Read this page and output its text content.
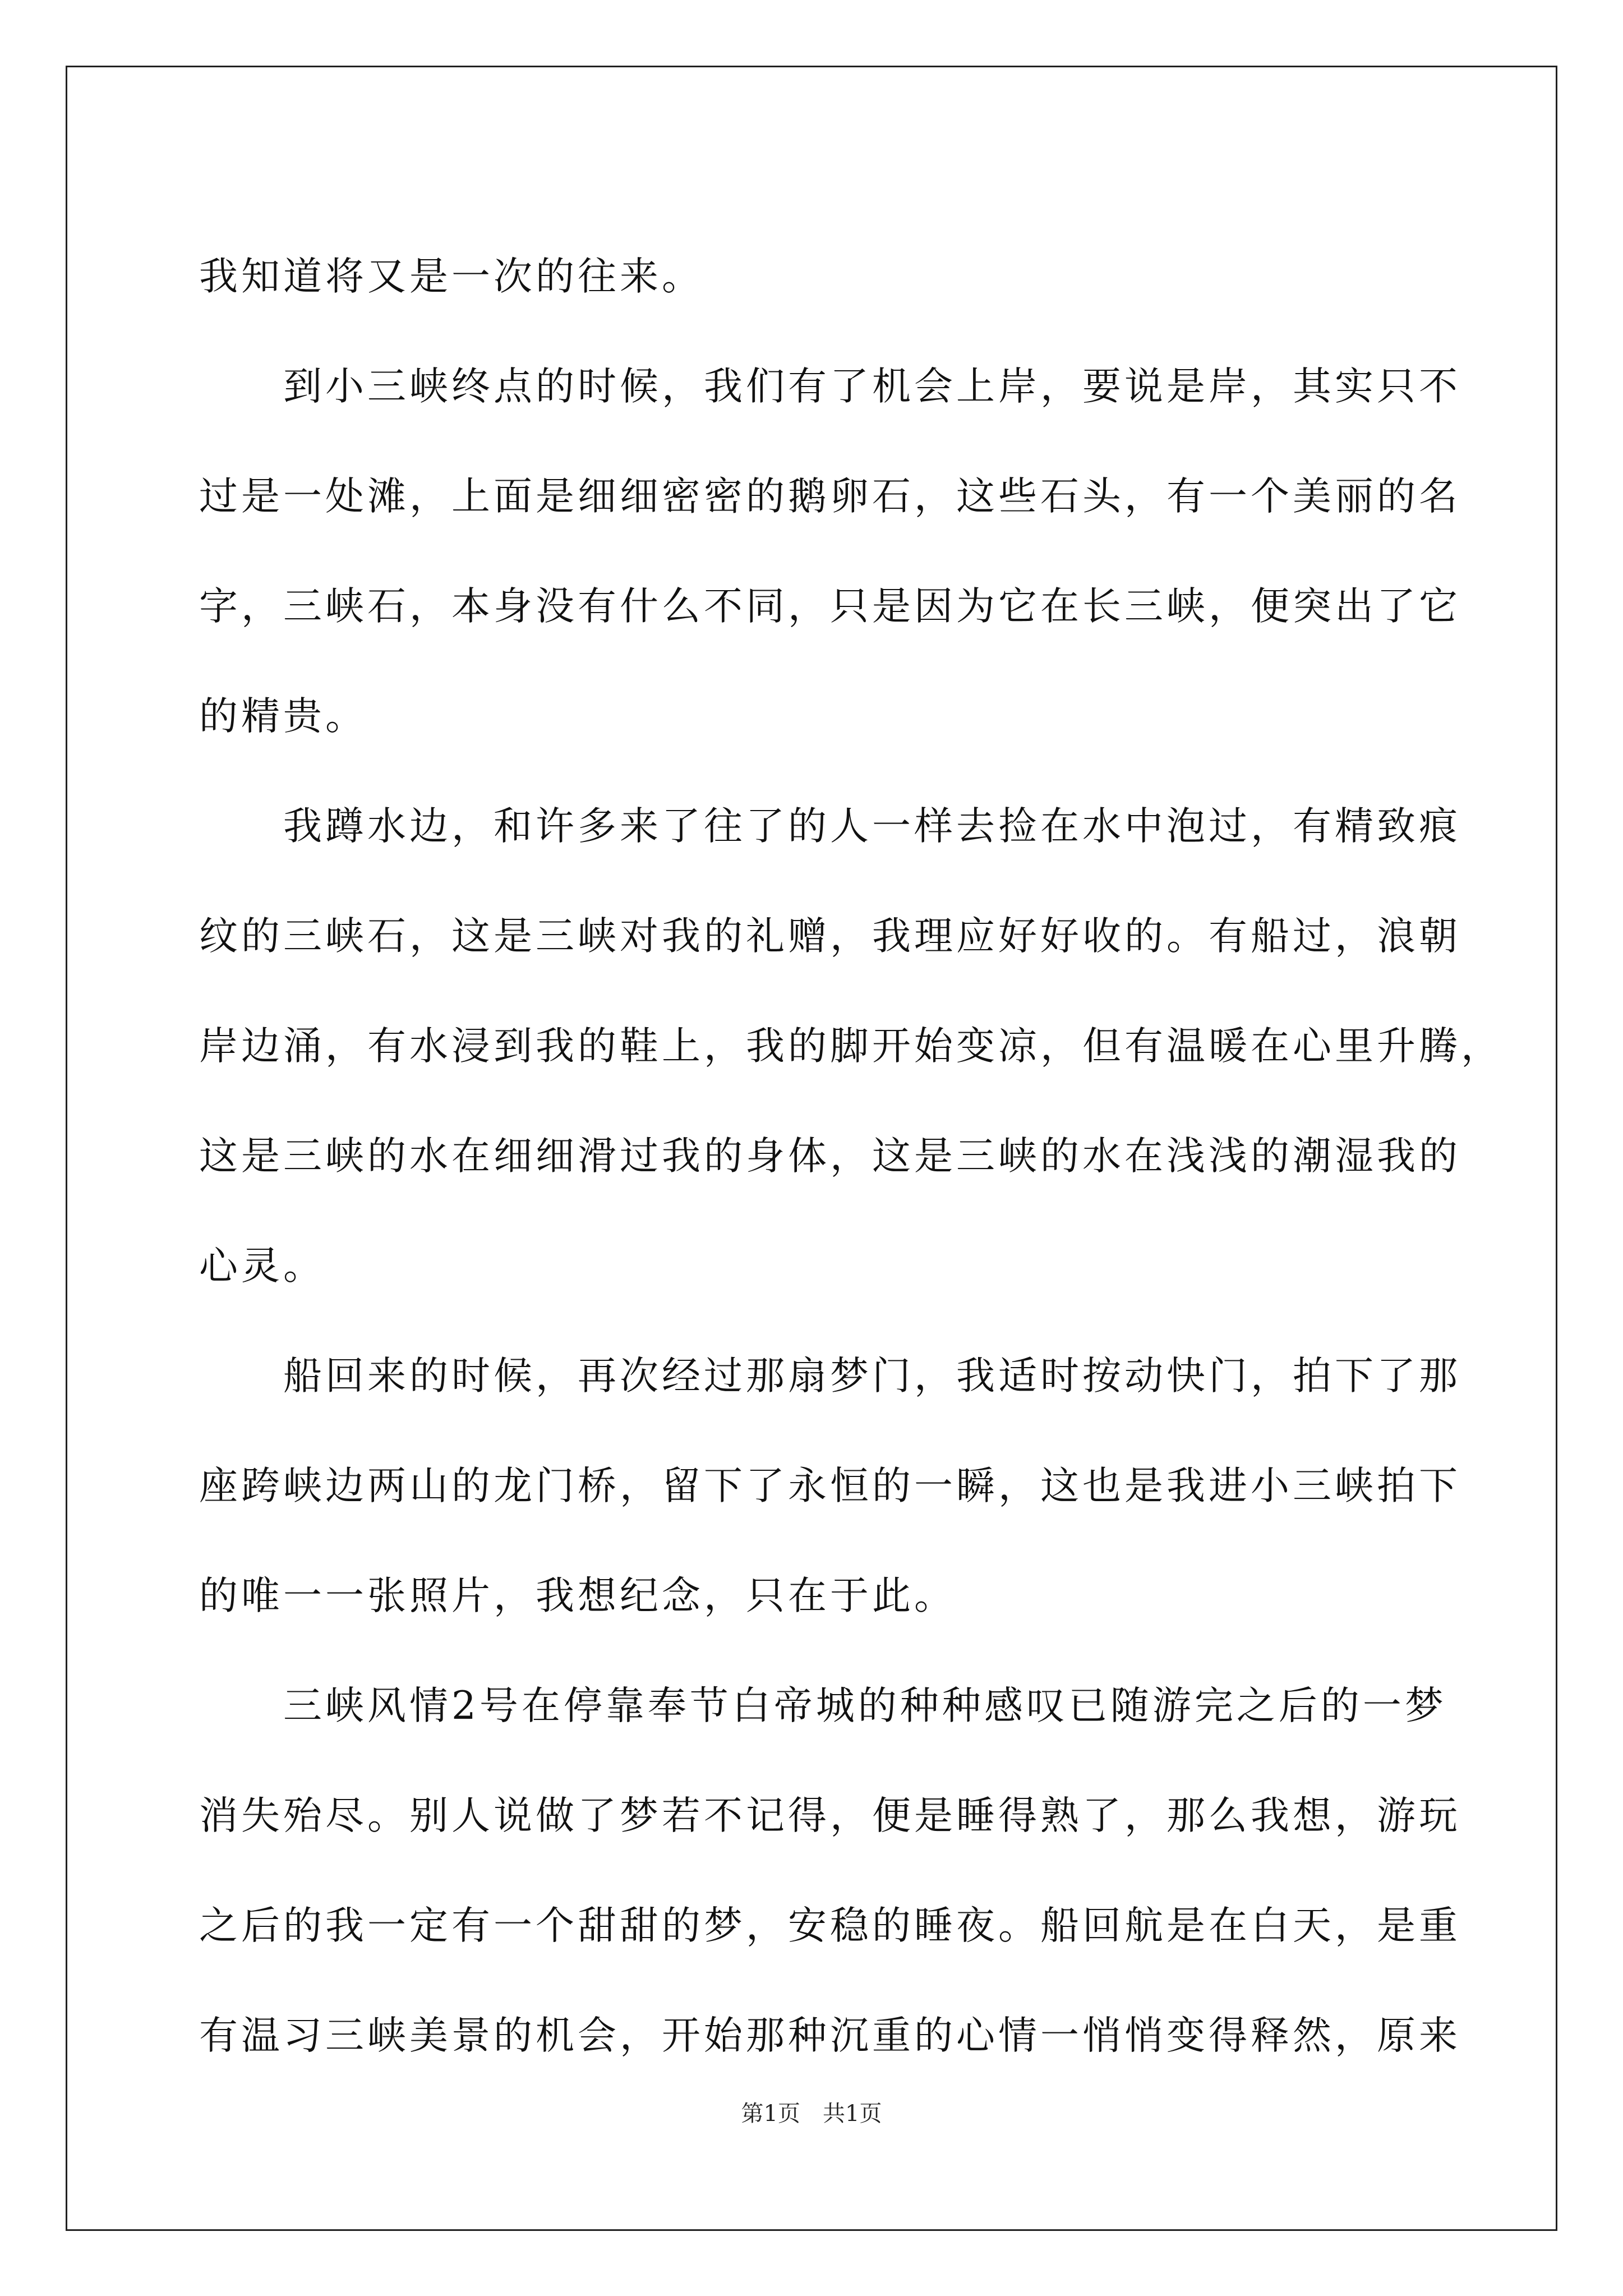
我知道将又是一次的往来。
　　到小三峡终点的时候，我们有了机会上岸，要说是岸，其实只不
过是一处滩，上面是细细密密的鹅卵石，这些石头，有一个美丽的名
字，三峡石，本身没有什么不同，只是因为它在长三峡，便突出了它
的精贵。
　　我蹲水边，和许多来了往了的人一样去捡在水中泡过，有精致痕
纹的三峡石，这是三峡对我的礼赠，我理应好好收的。有船过，浪朝
岸边涌，有水浸到我的鞋上，我的脚开始变凉，但有温暖在心里升腾，
这是三峡的水在细细滑过我的身体，这是三峡的水在浅浅的潮湿我的
心灵。
　　船回来的时候，再次经过那扇梦门，我适时按动快门，拍下了那
座跨峡边两山的龙门桥，留下了永恒的一瞬，这也是我进小三峡拍下
的唯一一张照片，我想纪念，只在于此。
　　三峡风情2号在停靠奉节白帝城的种种感叹已随游完之后的一梦
消失殆尽。别人说做了梦若不记得，便是睡得熟了，那么我想，游玩
之后的我一定有一个甜甜的梦，安稳的睡夜。船回航是在白天，是重
有温习三峡美景的机会，开始那种沉重的心情一悄悄变得释然，原来
第1页 共1页
